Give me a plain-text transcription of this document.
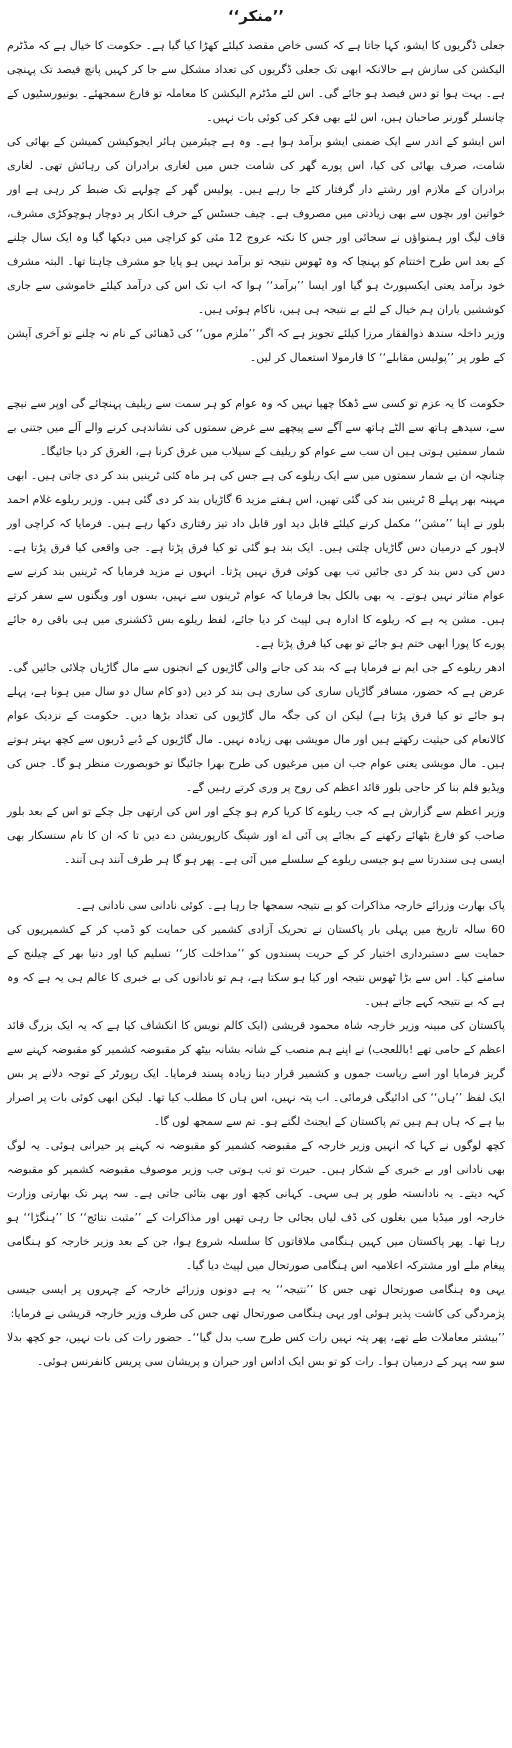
’’منکر‘‘

جعلی ڈگریوں کا ایشو، کہا جاتا ہے کہ کسی خاص مقصد کیلئے کھڑا کیا گیا ہے۔ حکومت کا خیال ہے کہ مڈٹرم الیکشن کی سازش ہے حالانکہ ابھی تک جعلی ڈگریوں کی تعداد مشکل سے جا کر کہیں پانچ فیصد تک پہنچی ہے۔ بہت ہوا تو دس فیصد ہو جائے گی۔ اس لئے مڈٹرم الیکشن کا معاملہ تو فارغ سمجھئے۔ یونیورسٹیوں کے چانسلر گورنر صاحبان ہیں، اس لئے بھی فکر کی کوئی بات نہیں۔

اس ایشو کے اندر سے ایک ضمنی ایشو برآمد ہوا ہے۔ وہ ہے چیئرمین ہائر ایجوکیشن کمیشن کے بھائی کی شامت، صرف بھائی کی کیا، اس پورے گھر کی شامت جس میں لغاری برادران کی رہائش تھی۔ لغاری برادران کے ملازم اور رشتے دار گرفتار کئے جا رہے ہیں۔ پولیس گھر کے چولہے تک ضبط کر رہی ہے اور خواتین اور بچوں سے بھی زیادتی میں مصروف ہے۔ چیف جسٹس کے حرف انکار پر دوچار ہوچوکڑی مشرف، قاف لیگ اور ہمنواؤں نے سجائی اور جس کا نکتہ عروج 12 مئی کو کراچی میں دیکھا گیا وہ ایک سال چلنے کے بعد اس طرح اختتام کو پہنچا کہ وہ ٹھوس نتیجہ تو برآمد نہیں ہو پایا جو مشرف چاہتا تھا۔ البتہ مشرف خود برآمد یعنی ایکسپورٹ ہو گیا اور ایسا ’’برآمد‘‘ ہوا کہ اب تک اس کی درآمد کیلئے خاموشی سے جاری کوششیں یاران ہم خیال کے لئے بے نتیجہ ہی ہیں، ناکام ہوئی ہیں۔

وزیر داخلہ سندھ ذوالفقار مرزا کیلئے تجویز ہے کہ اگر ’’ملزم موں‘‘ کی ڈھنائی کے نام نہ چلنے تو آخری آپشن کے طور پر ’’پولیس مقابلے‘‘ کا فارمولا استعمال کر لیں۔

حکومت کا یہ عزم تو کسی سے ڈھکا چھپا نہیں کہ وہ عوام کو ہر سمت سے ریلیف پہنچائے گی اوپر سے نیچے سے، سیدھے ہاتھ سے الٹے ہاتھ سے آگے سے پیچھے سے غرض سمتوں کی نشاندہی کرنے والے آلے میں جتنی بے شمار سمتیں ہوتی ہیں ان سب سے عوام کو ریلیف کے سیلاب میں غرق کرنا ہے، الغرق کر دیا جائیگا۔

چنانچہ ان بے شمار سمتوں میں سے ایک ریلوے کی ہے جس کی ہر ماہ کئی ٹرینیں بند کر دی جاتی ہیں۔ ابھی مہینہ بھر پہلے 8 ٹرینیں بند کی گئی تھیں، اس ہفتے مزید 6 گاڑیاں بند کر دی گئی ہیں۔ وزیر ریلوے غلام احمد بلور نے اپنا ’’مشن‘‘ مکمل کرنے کیلئے قابل دید اور قابل داد تیز رفتاری دکھا رہے ہیں۔ فرمایا کہ کراچی اور لاہور کے درمیان دس گاڑیاں چلتی ہیں۔ ایک بند ہو گئی تو کیا فرق پڑتا ہے۔ جی واقعی کیا فرق پڑتا ہے۔ دس کی دس بند کر دی جائیں تب بھی کوئی فرق نہیں پڑتا۔ انہوں نے مزید فرمایا کہ ٹرینیں بند کرنے سے عوام متاثر نہیں ہوتے۔ یہ بھی بالکل بجا فرمایا کہ عوام ٹرینوں سے نہیں، بسوں اور ویگنوں سے سفر کرتے ہیں۔ مشن یہ ہے کہ ریلوے کا ادارہ ہی لپیٹ کر دیا جائے، لفظ ریلوے بس ڈکشنری میں ہی باقی رہ جائے پورے کا پورا ابھی ختم ہو جائے تو بھی کیا فرق پڑتا ہے۔

ادھر ریلوے کے جی ایم نے فرمایا ہے کہ بند کی جانے والی گاڑیوں کے انجنوں سے مال گاڑیاں چلائی جائیں گی۔ عرض ہے کہ حضور، مسافر گاڑیاں ساری کی ساری ہی بند کر دیں (دو کام سال دو سال میں ہونا ہے، پہلے ہو جائے تو کیا فرق پڑتا ہے) لیکن ان کی جگہ مال گاڑیوں کی تعداد بڑھا دیں۔ حکومت کے نزدیک عوام کالانعام کی حیثیت رکھتے ہیں اور مال مویشی بھی زیادہ نہیں۔ مال گاڑیوں کے ڈبے ڈربوں سے کچھ بہتر ہوتے ہیں۔ مال مویشی یعنی عوام جب ان میں مرغیوں کی طرح بھرا جائیگا تو خوبصورت منظر ہو گا۔ جس کی ویڈیو فلم بنا کر حاجی بلور قائد اعظم کی روح پر وری کرتے رہیں گے۔

وزیر اعظم سے گزارش ہے کہ جب ریلوے کا کریا کرم ہو چکے اور اس کی ارتھی جل چکے تو اس کے بعد بلور صاحب کو فارغ بٹھائے رکھنے کے بجائے پی آئی اے اور شپنگ کارپوریشن دے دیں تا کہ ان کا نام سنسکار بھی ایسی ہی سندرتا سے ہو جیسی ریلوے کے سلسلے میں آئی ہے۔ پھر ہو گا ہر طرف آنند ہی آنند۔

پاک بھارت وزرائے خارجہ مذاکرات کو بے نتیجہ سمجھا جا رہا ہے۔ کوئی نادانی سی نادانی ہے۔

60 سالہ تاریخ میں پہلی بار پاکستان نے تحریک آزادی کشمیر کی حمایت کو ڈمپ کر کے کشمیریوں کی حمایت سے دستبرداری اختیار کر کے حریت پسندوں کو ’’مداخلت کار‘‘ تسلیم کیا اور دنیا بھر کے چیلنج کے سامنے کیا۔ اس سے بڑا ٹھوس نتیجہ اور کیا ہو سکتا ہے، ہم تو نادانوں کی بے خبری کا عالم ہی یہ ہے کہ وہ ہے کہ بے نتیجہ کہے جاتے ہیں۔

پاکستان کی مبینہ وزیر خارجہ شاہ محمود قریشی (ایک کالم نویس کا انکشاف کیا ہے کہ یہ ایک بزرگ قائد اعظم کے حامی تھے !باللعجب) نے اپنے ہم منصب کے شانہ بشانہ بیٹھ کر مقبوضہ کشمیر کو مقبوضہ کہنے سے گریز فرمایا اور اسے ریاست جموں و کشمیر قرار دینا زیادہ پسند فرمایا۔ ایک رپورٹر کے توجہ دلانے پر بس ایک لفظ ’’ہاں‘‘ کی ادائیگی فرمائی۔ اب پتہ نہیں، اس ہاں کا مطلب کیا تھا۔ لیکن ابھی کوئی بات پر اصرار بیا ہے کہ ہاں ہم ہیں تم پاکستان کے ایجنٹ لگتے ہو۔ تم سے سمجھ لوں گا۔

کچھ لوگوں نے کہا کہ انہیں وزیر خارجہ کے مقبوضہ کشمیر کو مقبوضہ نہ کہنے پر حیرانی ہوئی۔ یہ لوگ بھی نادانی اور بے خبری کے شکار ہیں۔ حیرت تو تب ہوتی جب وزیر موصوف مقبوضہ کشمیر کو مقبوضہ کہہ دیتے۔ یہ نادانستہ طور پر ہی سہی۔ کہانی کچھ اور بھی بتائی جاتی ہے۔ سہ پہر تک بھارتی وزارت خارجہ اور میڈیا میں بغلوں کی ڈف لیاں بجائی جا رہی تھیں اور مذاکرات کے ’’مثبت نتائج‘‘ کا ’’ہنگڑا‘‘ ہو رہا تھا۔ پھر پاکستان میں کہیں ہنگامی ملاقاتوں کا سلسلہ شروع ہوا، جن کے بعد وزیر خارجہ کو ہنگامی پیغام ملے اور مشترکہ اعلامیہ اس ہنگامی صورتحال میں لپیٹ دیا گیا۔

یہی وہ ہنگامی صورتحال تھی جس کا ’’نتیجہ‘‘ یہ ہے دونوں وزرائے خارجہ کے چہروں پر ایسی جیسی پژمردگی کی کاشت پذیر ہوئی اور یہی ہنگامی صورتحال تھی جس کی طرف وزیر خارجہ قریشی نے فرمایا:

’’بیشتر معاملات طے تھے، پھر پتہ نہیں رات کس طرح سب بدل گیا‘‘۔ حضور رات کی بات نہیں، جو کچھ بدلا سو سہ پہر کے درمیان ہوا۔ رات کو تو بس ایک اداس اور حیران و پریشان سی پریس کانفرنس ہوئی۔
